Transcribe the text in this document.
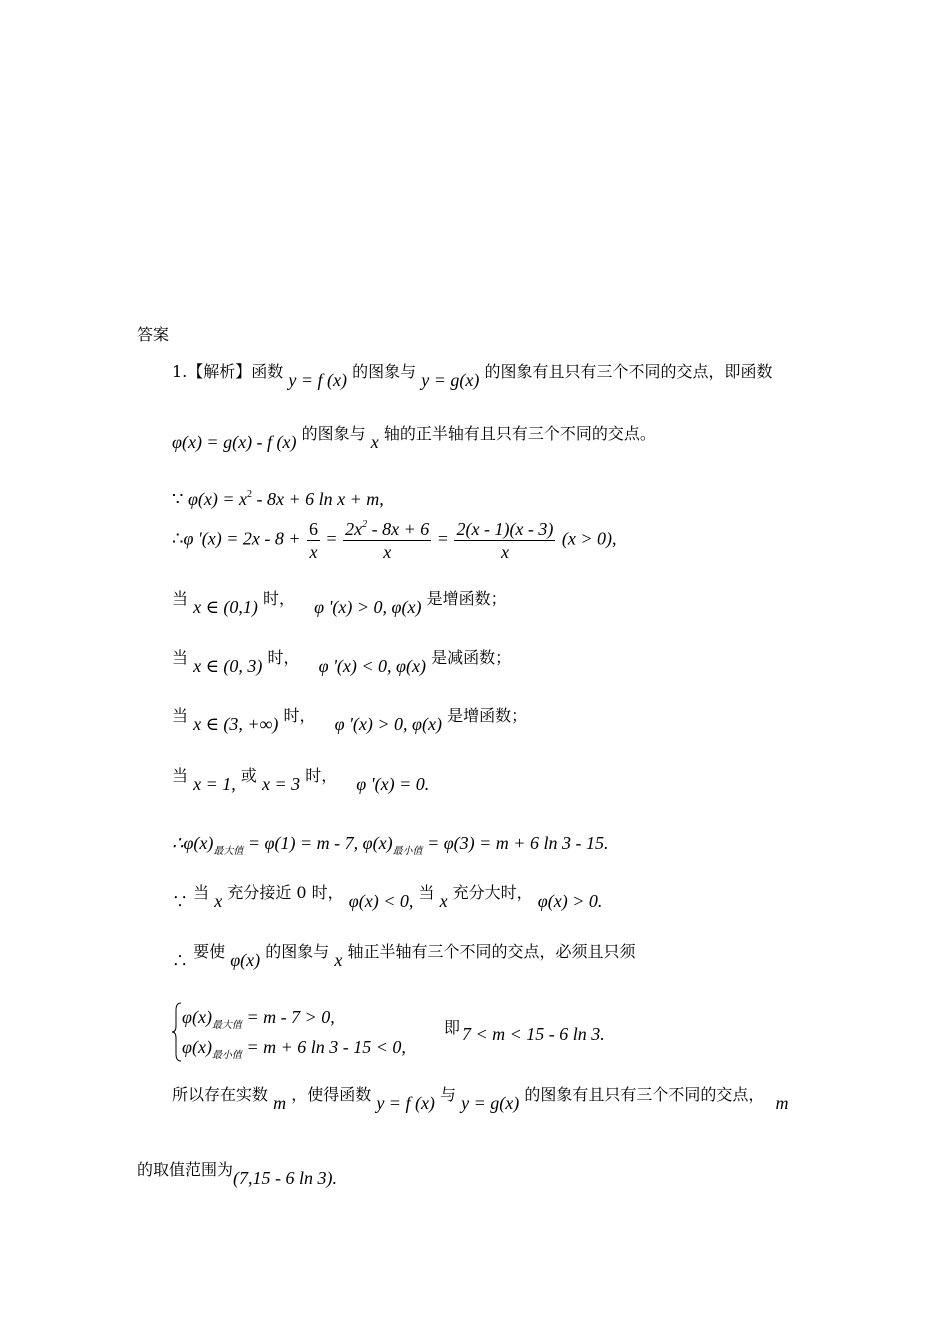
答案
1.【解析】函数 y = f (x) 的图象与 y = g(x) 的图象有且只有三个不同的交点，即函数
φ(x) = g(x) - f (x) 的图象与 x 轴的正半轴有且只有三个不同的交点。
∵ $\varphi(x) = x^2 - 8x + 6$ ln x + m,
∴φ '$(x) = 2x - 8 + \frac{6}{x} = \frac{2x^2 - 8x + 6}{x} = \frac{2(x - 1)(x - 3)}{x} (x > 0)$,
当 x ∈ (0,1) 时， φ '(x) > 0, φ(x) 是增函数；
当 x ∈ (0, 3) 时， φ '(x) < 0, φ(x) 是减函数；
当 x ∈ (3, +∞) 时， φ '(x) > 0, φ(x) 是增函数；
当 x = 1, 或 x = 3 时， φ '(x) = 0.
$\therefore\varphi(x)_{最大值} = \varphi(1) = m - 7$, $\varphi(x)_{最小值} = \varphi(3) = m + 6$ ln 3 - 15.
∵ 当 x 充分接近 0 时， φ(x) < 0, 当 x 充分大时， φ(x) > 0.
∴ 要使 φ(x) 的图象与 x 轴正半轴有三个不同的交点，必须且只须
$\varphi(x)_{最大值} = m - 7 > 0$,
$\varphi(x)_{最小值} = m + 6$ ln 3 - 15 < 0,
即 7 < m < 15 - 6 ln 3.
所以存在实数 m ，使得函数 y = f (x) 与 y = g(x) 的图象有且只有三个不同的交点， m
的取值范围为(7,15 - 6 ln 3).
